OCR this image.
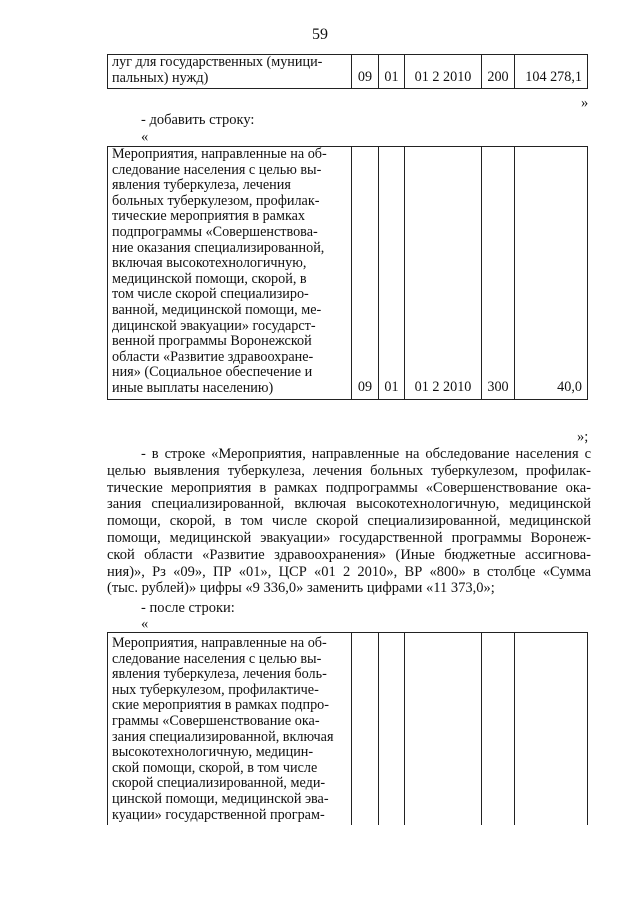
59
луг для государственных (муници-
пальных) нужд)	09	01	01 2 2010	200	104 278,1
»
- добавить строку:
«
Мероприятия, направленные на об-
следование населения с целью вы-
явления туберкулеза, лечения
больных туберкулезом, профилак-
тические мероприятия в рамках
подпрограммы «Совершенствова-
ние оказания специализированной,
включая высокотехнологичную,
медицинской помощи, скорой, в
том числе скорой специализиро-
ванной, медицинской помощи, ме-
дицинской эвакуации» государст-
венной программы Воронежской
области «Развитие здравоохране-
ния» (Социальное обеспечение и
иные выплаты населению)	09	01	01 2 2010	300	40,0
»;
- в строке «Мероприятия, направленные на обследование населения с
целью выявления туберкулеза, лечения больных туберкулезом, профилак-
тические мероприятия в рамках подпрограммы «Совершенствование ока-
зания специализированной, включая высокотехнологичную, медицинской
помощи, скорой, в том числе скорой специализированной, медицинской
помощи, медицинской эвакуации» государственной программы Воронеж-
ской области «Развитие здравоохранения» (Иные бюджетные ассигнова-
ния)», Рз «09», ПР «01», ЦСР «01 2 2010», ВР «800» в столбце «Сумма
(тыс. рублей)» цифры «9 336,0» заменить цифрами «11 373,0»;
- после строки:
«
Мероприятия, направленные на об-
следование населения с целью вы-
явления туберкулеза, лечения боль-
ных туберкулезом, профилактиче-
ские мероприятия в рамках подпро-
граммы «Совершенствование ока-
зания специализированной, включая
высокотехнологичную, медицин-
ской помощи, скорой, в том числе
скорой специализированной, меди-
цинской помощи, медицинской эва-
куации» государственной програм-
